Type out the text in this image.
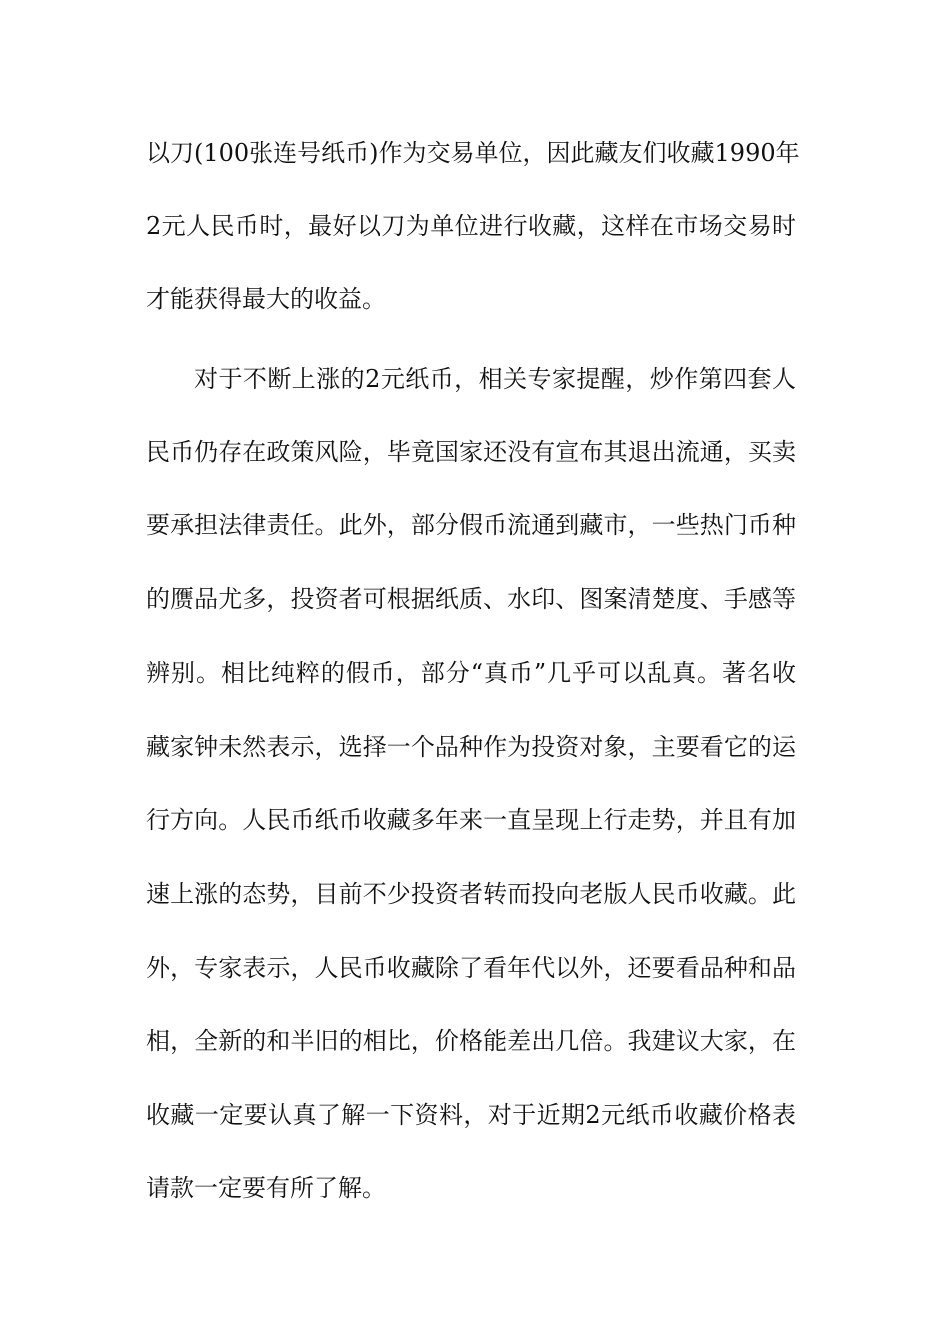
以刀(100张连号纸币)作为交易单位，因此藏友们收藏1990年
2元人民币时，最好以刀为单位进行收藏，这样在市场交易时
才能获得最大的收益。
对于不断上涨的2元纸币，相关专家提醒，炒作第四套人
民币仍存在政策风险，毕竟国家还没有宣布其退出流通，买卖
要承担法律责任。此外，部分假币流通到藏市，一些热门币种
的赝品尤多，投资者可根据纸质、水印、图案清楚度、手感等
辨别。相比纯粹的假币，部分“真币”几乎可以乱真。著名收
藏家钟未然表示，选择一个品种作为投资对象，主要看它的运
行方向。人民币纸币收藏多年来一直呈现上行走势，并且有加
速上涨的态势，目前不少投资者转而投向老版人民币收藏。此
外，专家表示，人民币收藏除了看年代以外，还要看品种和品
相，全新的和半旧的相比，价格能差出几倍。我建议大家，在
收藏一定要认真了解一下资料，对于近期2元纸币收藏价格表
请款一定要有所了解。
